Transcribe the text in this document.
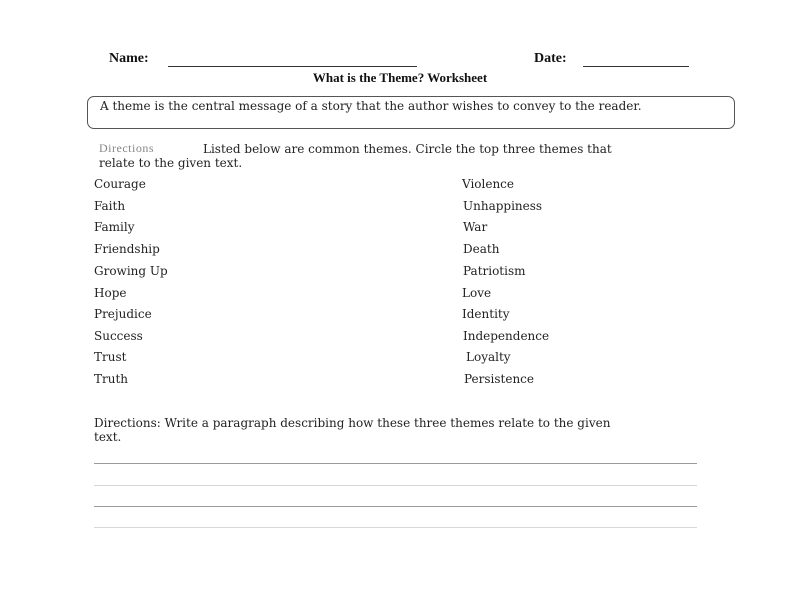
Name:	Date:
What is the Theme? Worksheet
A theme is the central message of a story that the author wishes to convey to the reader.
Directions	Listed below are common themes. Circle the top three themes that
relate to the given text.
Courage
Faith
Family
Friendship
Growing Up
Hope
Prejudice
Success
Trust
Truth
Violence
Unhappiness
War
Death
Patriotism
Love
Identity
Independence
Loyalty
Persistence
Directions: Write a paragraph describing how these three themes relate to the given
text.
